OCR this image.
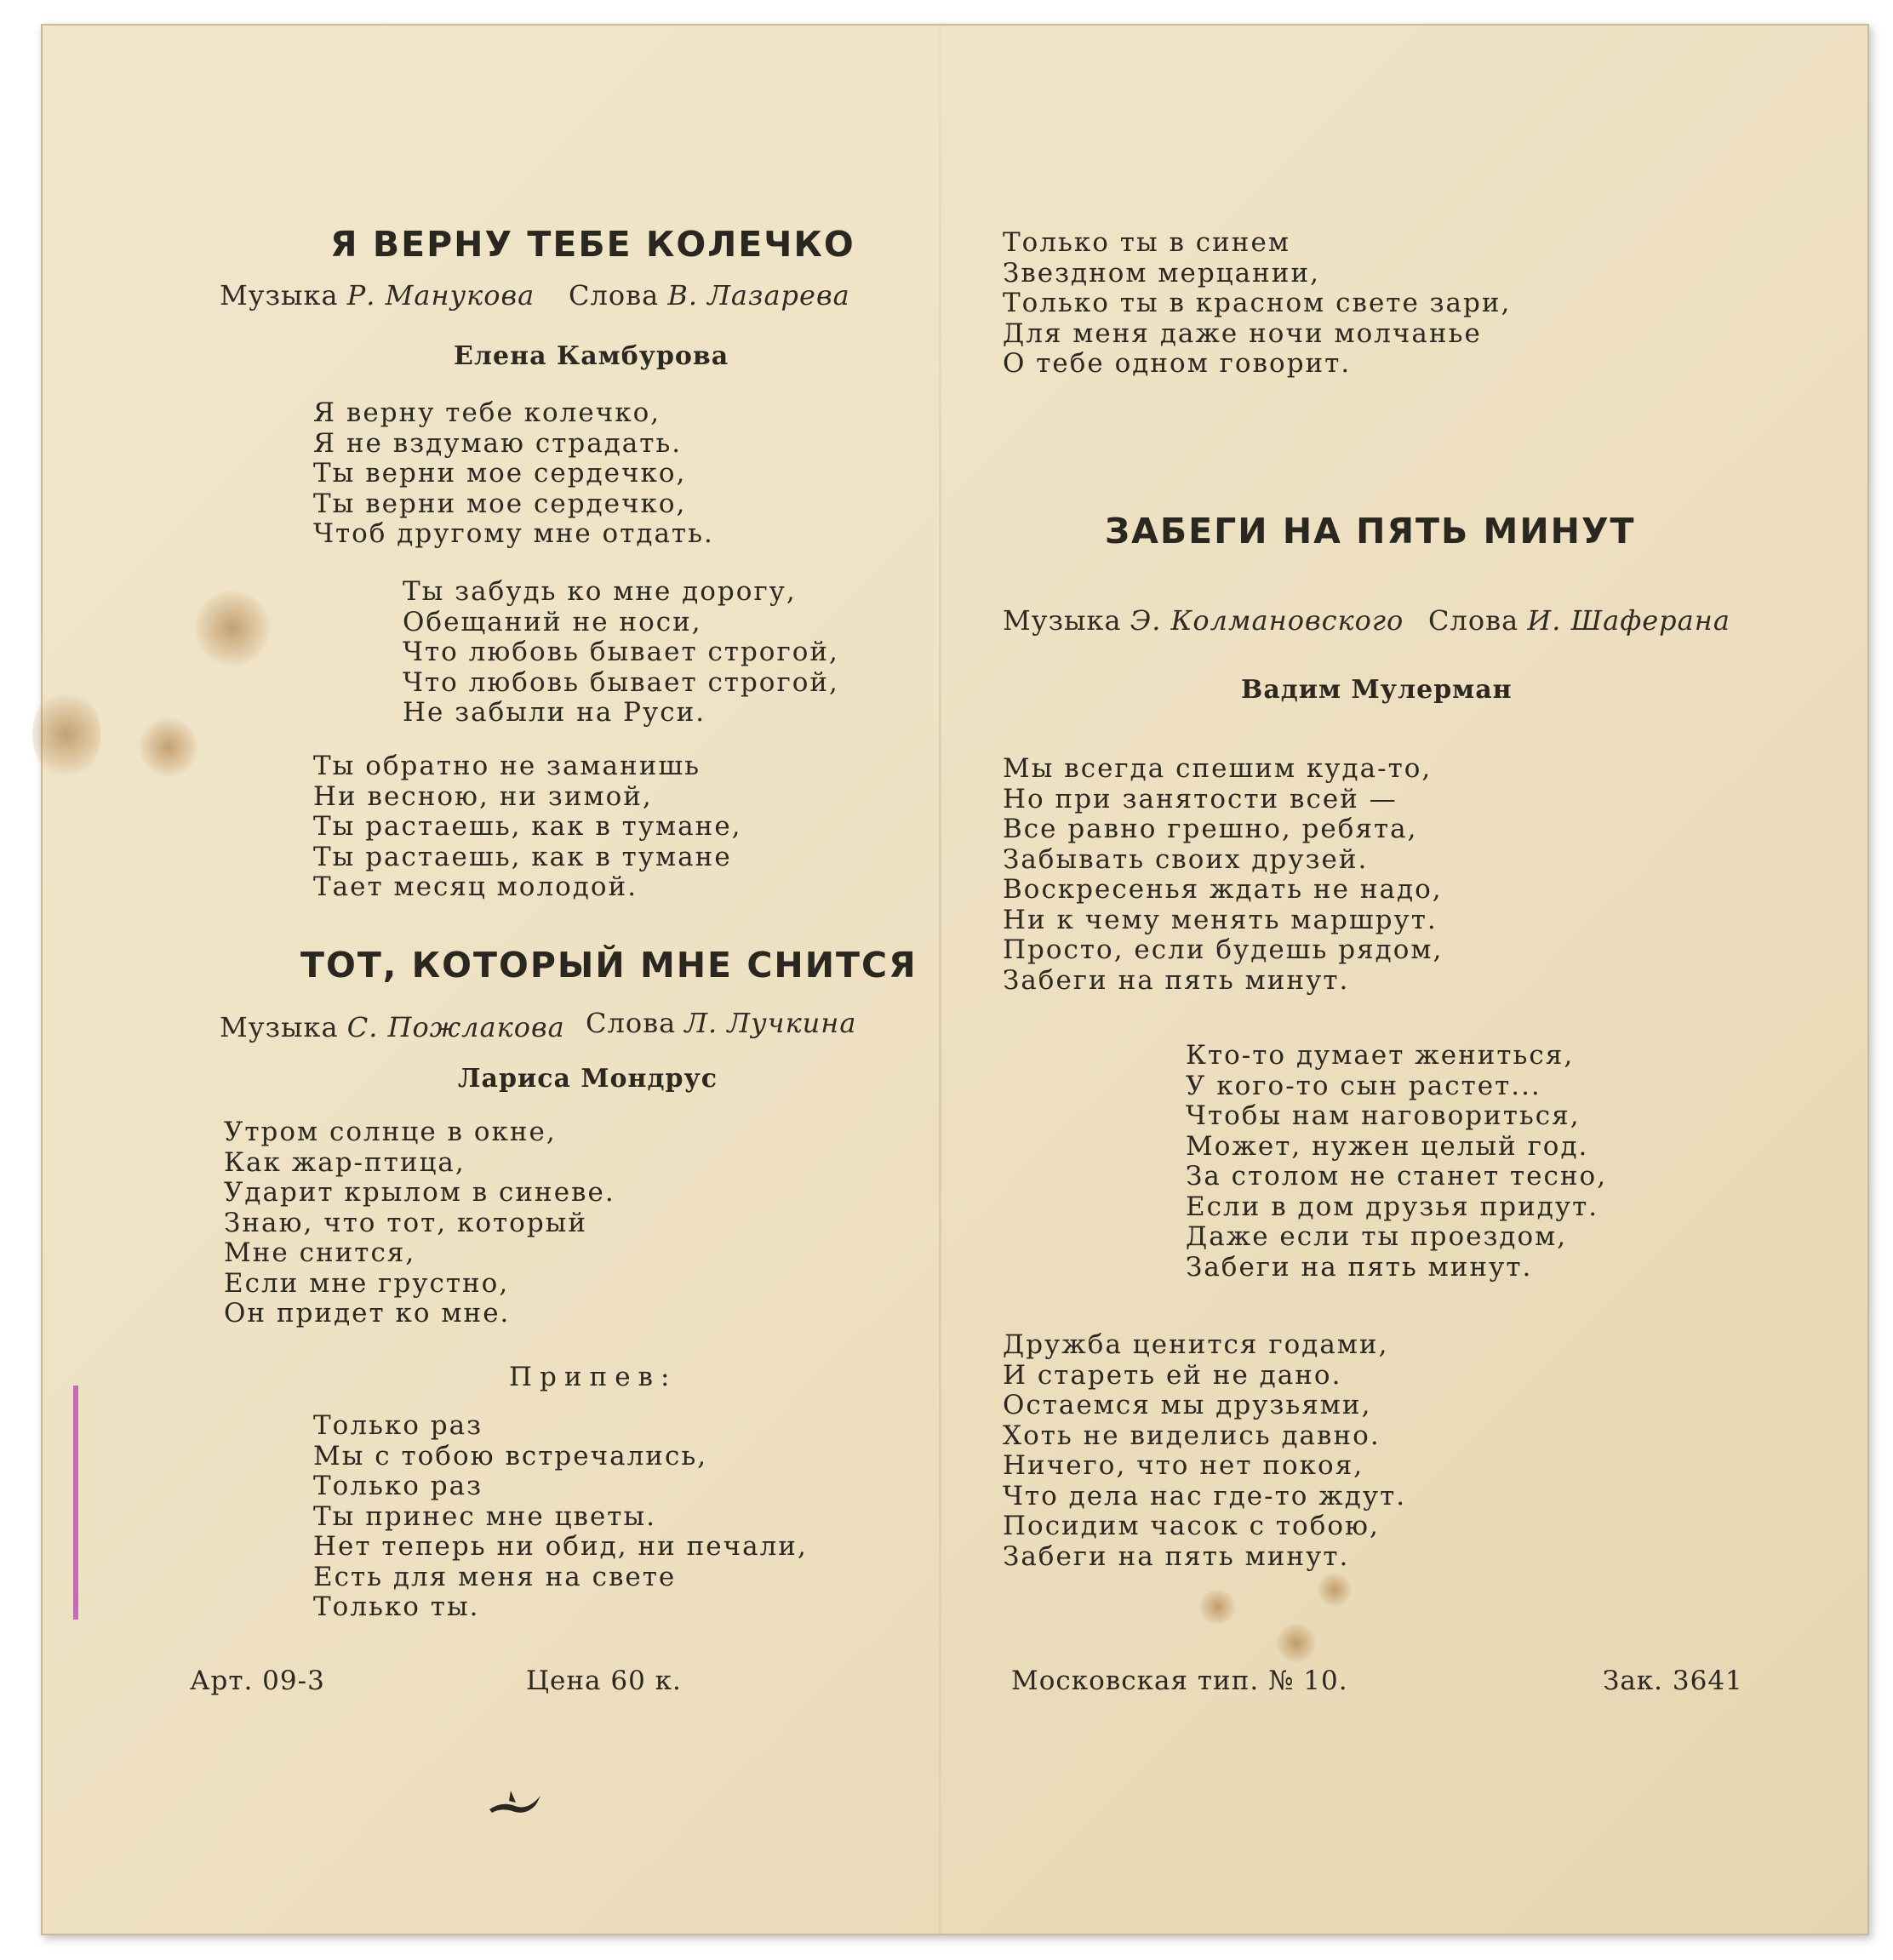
Я ВЕРНУ ТЕБЕ КОЛЕЧКО
Музыка Р. Манукова Слова В. Лазарева
Елена Камбурова
Я верну тебе колечко,
Я не вздумаю страдать.
Ты верни мое сердечко,
Ты верни мое сердечко,
Чтоб другому мне отдать.
Ты забудь ко мне дорогу,
Обещаний не носи,
Что любовь бывает строгой,
Что любовь бывает строгой,
Не забыли на Руси.
Ты обратно не заманишь
Ни весною, ни зимой,
Ты растаешь, как в тумане,
Ты растаешь, как в тумане
Тает месяц молодой.
ТОТ, КОТОРЫЙ МНЕ СНИТСЯ
Музыка С. Пожлакова Слова Л. Лучкина
Лариса Мондрус
Утром солнце в окне,
Как жар-птица,
Ударит крылом в синеве.
Знаю, что тот, который
Мне снится,
Если мне грустно,
Он придет ко мне.
Припев:
Только раз
Мы с тобою встречались,
Только раз
Ты принес мне цветы.
Нет теперь ни обид, ни печали,
Есть для меня на свете
Только ты.
Только ты в синем
Звездном мерцании,
Только ты в красном свете зари,
Для меня даже ночи молчанье
О тебе одном говорит.
ЗАБЕГИ НА ПЯТЬ МИНУТ
Музыка Э. Колмановского Слова И. Шаферана
Вадим Мулерман
Мы всегда спешим куда-то,
Но при занятости всей —
Все равно грешно, ребята,
Забывать своих друзей.
Воскресенья ждать не надо,
Ни к чему менять маршрут.
Просто, если будешь рядом,
Забеги на пять минут.
Кто-то думает жениться,
У кого-то сын растет...
Чтобы нам наговориться,
Может, нужен целый год.
За столом не станет тесно,
Если в дом друзья придут.
Даже если ты проездом,
Забеги на пять минут.
Дружба ценится годами,
И стареть ей не дано.
Остаемся мы друзьями,
Хоть не виделись давно.
Ничего, что нет покоя,
Что дела нас где-то ждут.
Посидим часок с тобою,
Забеги на пять минут.
Арт. 09-3	Цена 60 к.	Московская тип. № 10.	Зак. 3641
